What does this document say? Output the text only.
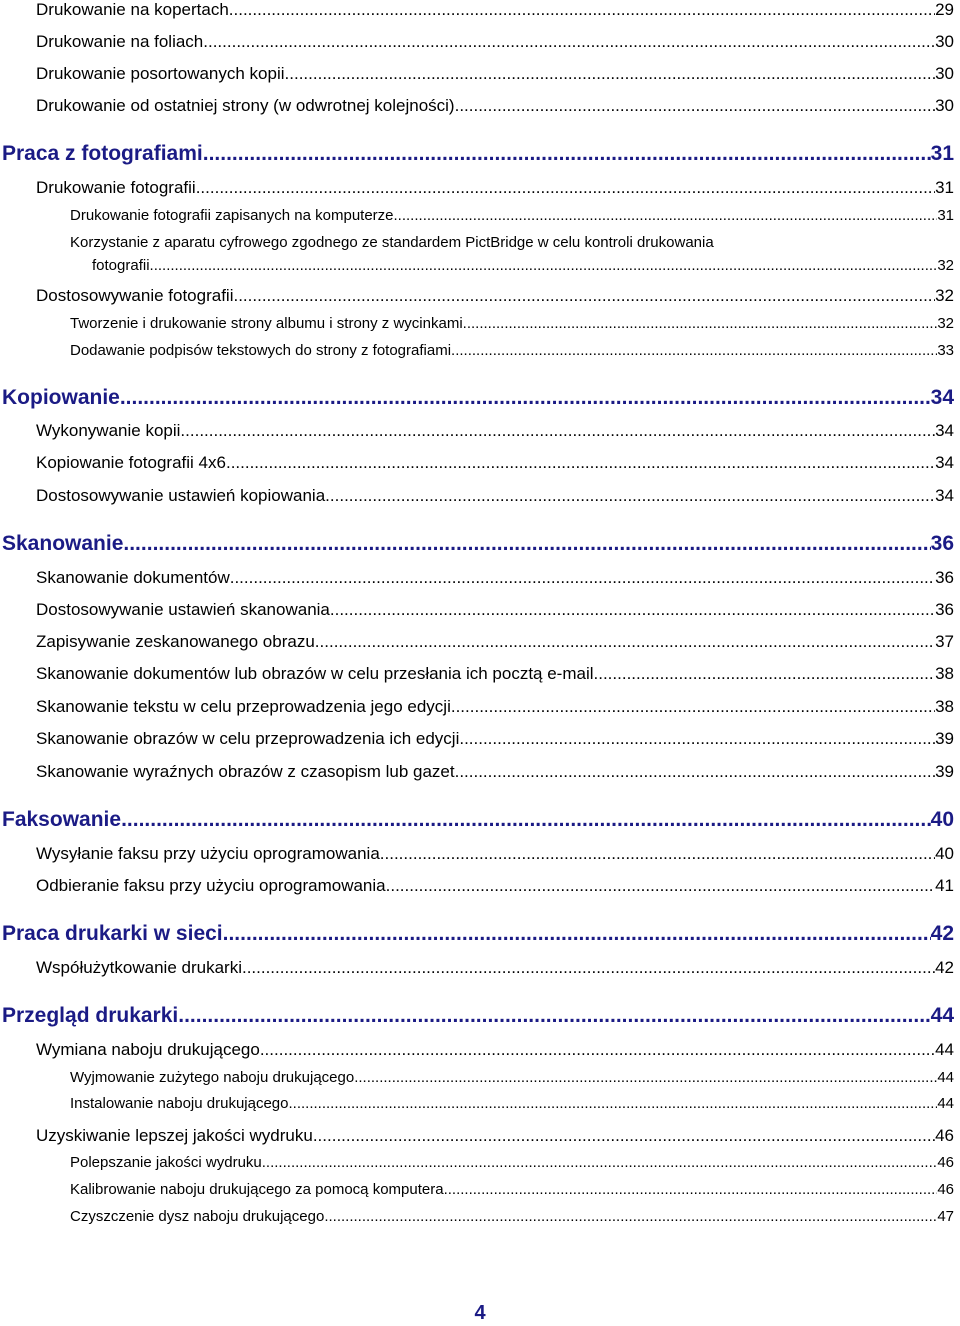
Drukowanie na kopertach .....	29
Drukowanie na foliach .....	30
Drukowanie posortowanych kopii .....	30
Drukowanie od ostatniej strony (w odwrotnej kolejności) .....	30
Praca z fotografiami .....	31
Drukowanie fotografii .....	31
Drukowanie fotografii zapisanych na komputerze .....	31
Korzystanie z aparatu cyfrowego zgodnego ze standardem PictBridge w celu kontroli drukowania
fotografii .....	32
Dostosowywanie fotografii .....	32
Tworzenie i drukowanie strony albumu i strony z wycinkami .....	32
Dodawanie podpisów tekstowych do strony z fotografiami .....	33
Kopiowanie .....	34
Wykonywanie kopii .....	34
Kopiowanie fotografii 4x6 .....	34
Dostosowywanie ustawień kopiowania .....	34
Skanowanie .....	36
Skanowanie dokumentów .....	36
Dostosowywanie ustawień skanowania .....	36
Zapisywanie zeskanowanego obrazu .....	37
Skanowanie dokumentów lub obrazów w celu przesłania ich pocztą e-mail .....	38
Skanowanie tekstu w celu przeprowadzenia jego edycji .....	38
Skanowanie obrazów w celu przeprowadzenia ich edycji .....	39
Skanowanie wyraźnych obrazów z czasopism lub gazet .....	39
Faksowanie .....	40
Wysyłanie faksu przy użyciu oprogramowania .....	40
Odbieranie faksu przy użyciu oprogramowania .....	41
Praca drukarki w sieci .....	42
Współużytkowanie drukarki .....	42
Przegląd drukarki .....	44
Wymiana naboju drukującego .....	44
Wyjmowanie zużytego naboju drukującego .....	44
Instalowanie naboju drukującego .....	44
Uzyskiwanie lepszej jakości wydruku .....	46
Polepszanie jakości wydruku .....	46
Kalibrowanie naboju drukującego za pomocą komputera .....	46
Czyszczenie dysz naboju drukującego .....	47
4
